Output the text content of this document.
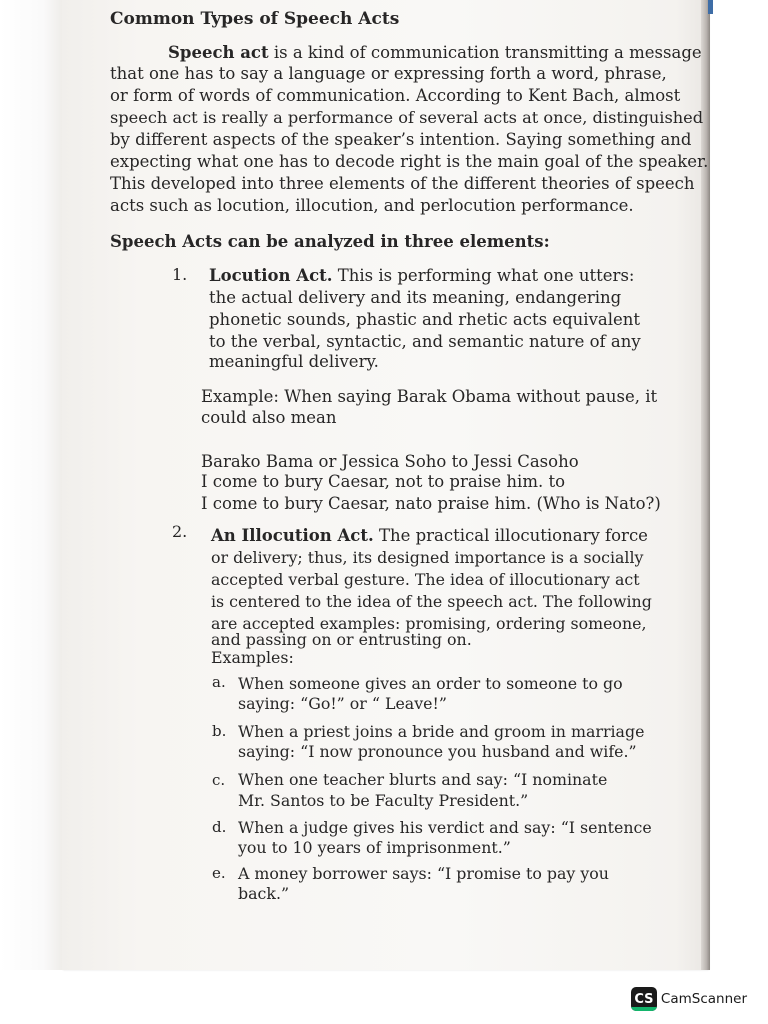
Common Types of Speech Acts

Speech act is a kind of communication transmitting a message

that one has to say a language or expressing forth a word, phrase,

or form of words of communication. According to Kent Bach, almost

speech act is really a performance of several acts at once, distinguished

by different aspects of the speaker’s intention. Saying something and

expecting what one has to decode right is the main goal of the speaker.

This developed into three elements of the different theories of speech

acts such as locution, illocution, and perlocution performance.

Speech Acts can be analyzed in three elements:

1. Locution Act. This is performing what one utters:

the actual delivery and its meaning, endangering

phonetic sounds, phastic and rhetic acts equivalent

to the verbal, syntactic, and semantic nature of any

meaningful delivery.

Example: When saying Barak Obama without pause, it

could also mean

Barako Bama or Jessica Soho to Jessi Casoho

I come to bury Caesar, not to praise him. to

I come to bury Caesar, nato praise him. (Who is Nato?)

2. An Illocution Act. The practical illocutionary force

or delivery; thus, its designed importance is a socially

accepted verbal gesture. The idea of illocutionary act

is centered to the idea of the speech act. The following

are accepted examples: promising, ordering someone,

and passing on or entrusting on.

Examples:

a. When someone gives an order to someone to go

saying: “Go!” or “ Leave!”

b. When a priest joins a bride and groom in marriage

saying: “I now pronounce you husband and wife.”

c. When one teacher blurts and say: “I nominate

Mr. Santos to be Faculty President.”

d. When a judge gives his verdict and say: “I sentence

you to 10 years of imprisonment.”

e. A money borrower says: “I promise to pay you

back.”

CS CamScanner
